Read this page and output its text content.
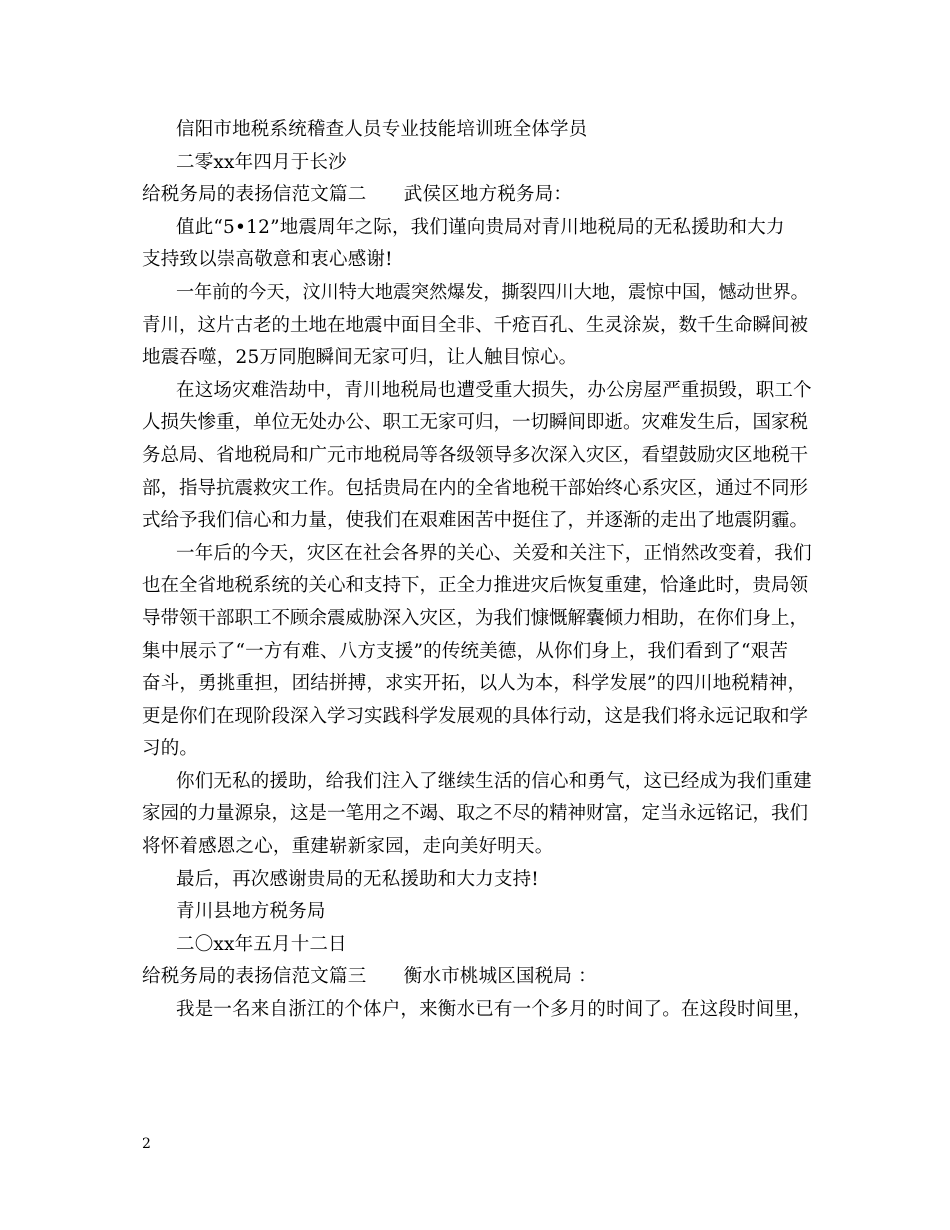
信阳市地税系统稽查人员专业技能培训班全体学员
二零xx年四月于长沙
给税务局的表扬信范文篇二　　武侯区地方税务局：
值此“5•12”地震周年之际，我们谨向贵局对青川地税局的无私援助和大力
支持致以崇高敬意和衷心感谢!
一年前的今天，汶川特大地震突然爆发，撕裂四川大地，震惊中国，憾动世界。
青川，这片古老的土地在地震中面目全非、千疮百孔、生灵涂炭，数千生命瞬间被
地震吞噬，25万同胞瞬间无家可归，让人触目惊心。
在这场灾难浩劫中，青川地税局也遭受重大损失，办公房屋严重损毁，职工个
人损失惨重，单位无处办公、职工无家可归，一切瞬间即逝。灾难发生后，国家税
务总局、省地税局和广元市地税局等各级领导多次深入灾区，看望鼓励灾区地税干
部，指导抗震救灾工作。包括贵局在内的全省地税干部始终心系灾区，通过不同形
式给予我们信心和力量，使我们在艰难困苦中挺住了，并逐渐的走出了地震阴霾。
一年后的今天，灾区在社会各界的关心、关爱和关注下，正悄然改变着，我们
也在全省地税系统的关心和支持下，正全力推进灾后恢复重建，恰逢此时，贵局领
导带领干部职工不顾余震威胁深入灾区，为我们慷慨解囊倾力相助，在你们身上，
集中展示了“一方有难、八方支援”的传统美德，从你们身上，我们看到了“艰苦
奋斗，勇挑重担，团结拼搏，求实开拓，以人为本，科学发展”的四川地税精神，
更是你们在现阶段深入学习实践科学发展观的具体行动，这是我们将永远记取和学
习的。
你们无私的援助，给我们注入了继续生活的信心和勇气，这已经成为我们重建
家园的力量源泉，这是一笔用之不竭、取之不尽的精神财富，定当永远铭记，我们
将怀着感恩之心，重建崭新家园，走向美好明天。
最后，再次感谢贵局的无私援助和大力支持!
青川县地方税务局
二〇xx年五月十二日
给税务局的表扬信范文篇三　　衡水市桃城区国税局 ：
我是一名来自浙江的个体户，来衡水已有一个多月的时间了。在这段时间里，
2
